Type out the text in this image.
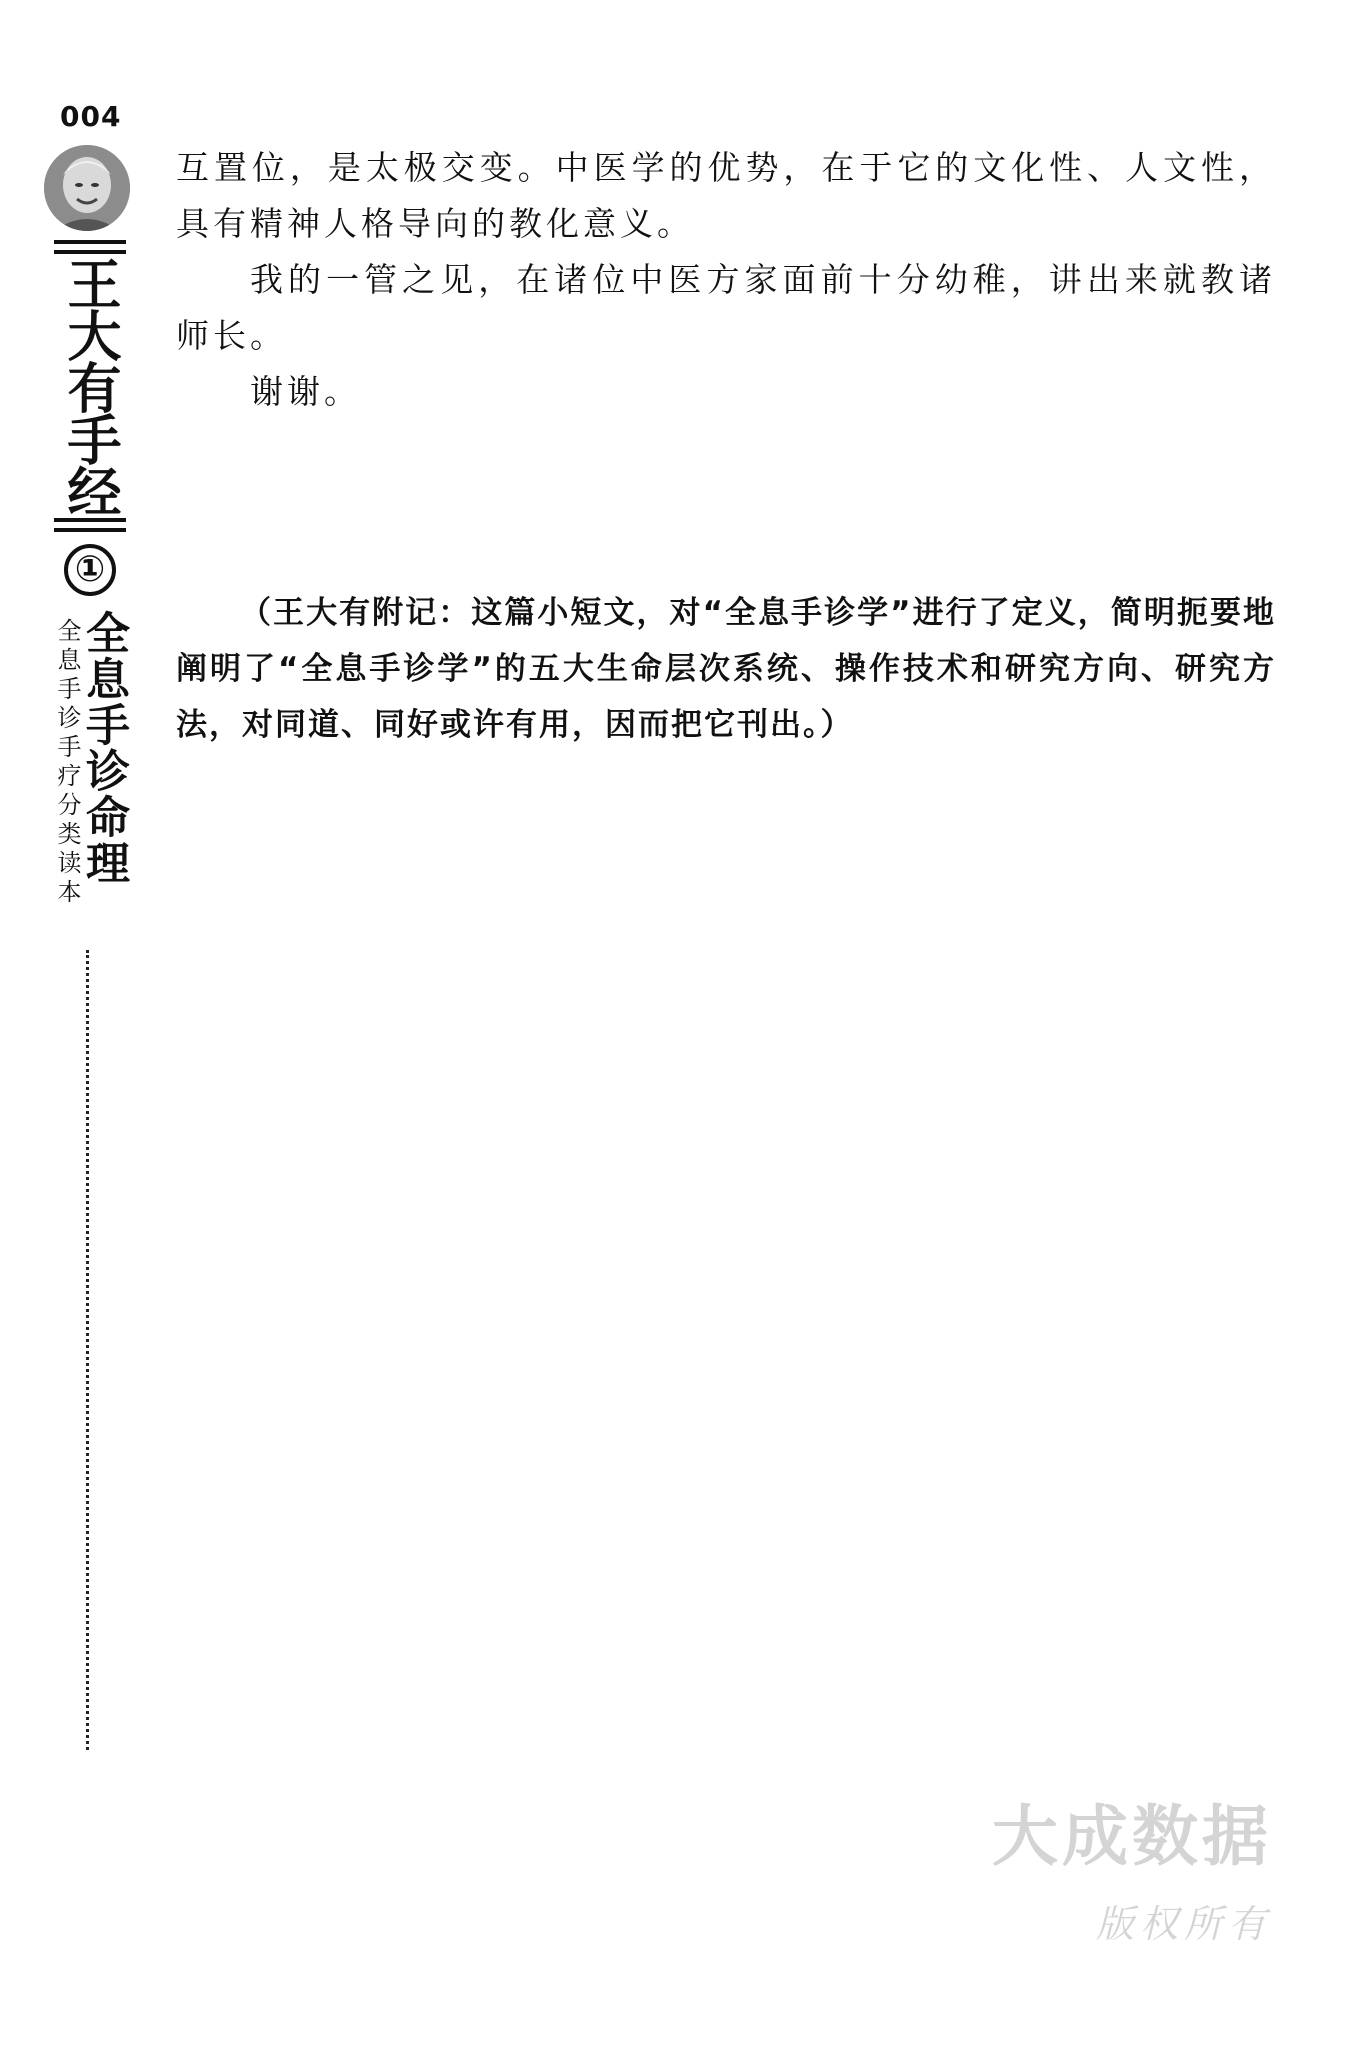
004
王大有手经
①
全息手诊手疗分类读本
全息手诊命理

互置位，是太极交变。中医学的优势，在于它的文化性、人文性，具有精神人格导向的教化意义。

我的一管之见，在诸位中医方家面前十分幼稚，讲出来就教诸师长。

谢谢。

（王大有附记：这篇小短文，对“全息手诊学”进行了定义，简明扼要地阐明了“全息手诊学”的五大生命层次系统、操作技术和研究方向、研究方法，对同道、同好或许有用，因而把它刊出。）

大成数据
版权所有
